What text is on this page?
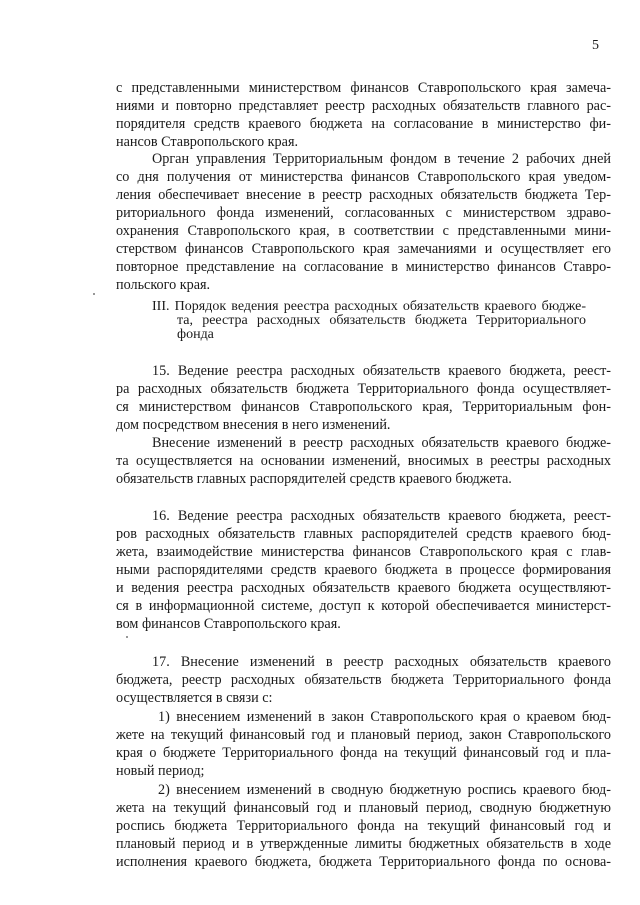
5
с представленными министерством финансов Ставропольского края замеча-
ниями и повторно представляет реестр расходных обязательств главного рас-
порядителя средств краевого бюджета на согласование в министерство фи-
нансов Ставропольского края.
Орган управления Территориальным фондом в течение 2 рабочих дней
со дня получения от министерства финансов Ставропольского края уведом-
ления обеспечивает внесение в реестр расходных обязательств бюджета Тер-
риториального фонда изменений, согласованных с министерством здраво-
охранения Ставропольского края, в соответствии с представленными мини-
стерством финансов Ставропольского края замечаниями и осуществляет его
повторное представление на согласование в министерство финансов Ставро-
польского края.
III. Порядок ведения реестра расходных обязательств краевого бюдже-
та, реестра расходных обязательств бюджета Территориального
фонда
15. Ведение реестра расходных обязательств краевого бюджета, реест-
ра расходных обязательств бюджета Территориального фонда осуществляет-
ся министерством финансов Ставропольского края, Территориальным фон-
дом посредством внесения в него изменений.
Внесение изменений в реестр расходных обязательств краевого бюдже-
та осуществляется на основании изменений, вносимых в реестры расходных
обязательств главных распорядителей средств краевого бюджета.
16. Ведение реестра расходных обязательств краевого бюджета, реест-
ров расходных обязательств главных распорядителей средств краевого бюд-
жета, взаимодействие министерства финансов Ставропольского края с глав-
ными распорядителями средств краевого бюджета в процессе формирования
и ведения реестра расходных обязательств краевого бюджета осуществляют-
ся в информационной системе, доступ к которой обеспечивается министерст-
вом финансов Ставропольского края.
17. Внесение изменений в реестр расходных обязательств краевого
бюджета, реестр расходных обязательств бюджета Территориального фонда
осуществляется в связи с:
1) внесением изменений в закон Ставропольского края о краевом бюд-
жете на текущий финансовый год и плановый период, закон Ставропольского
края о бюджете Территориального фонда на текущий финансовый год и пла-
новый период;
2) внесением изменений в сводную бюджетную роспись краевого бюд-
жета на текущий финансовый год и плановый период, сводную бюджетную
роспись бюджета Территориального фонда на текущий финансовый год и
плановый период и в утвержденные лимиты бюджетных обязательств в ходе
исполнения краевого бюджета, бюджета Территориального фонда по основа-
